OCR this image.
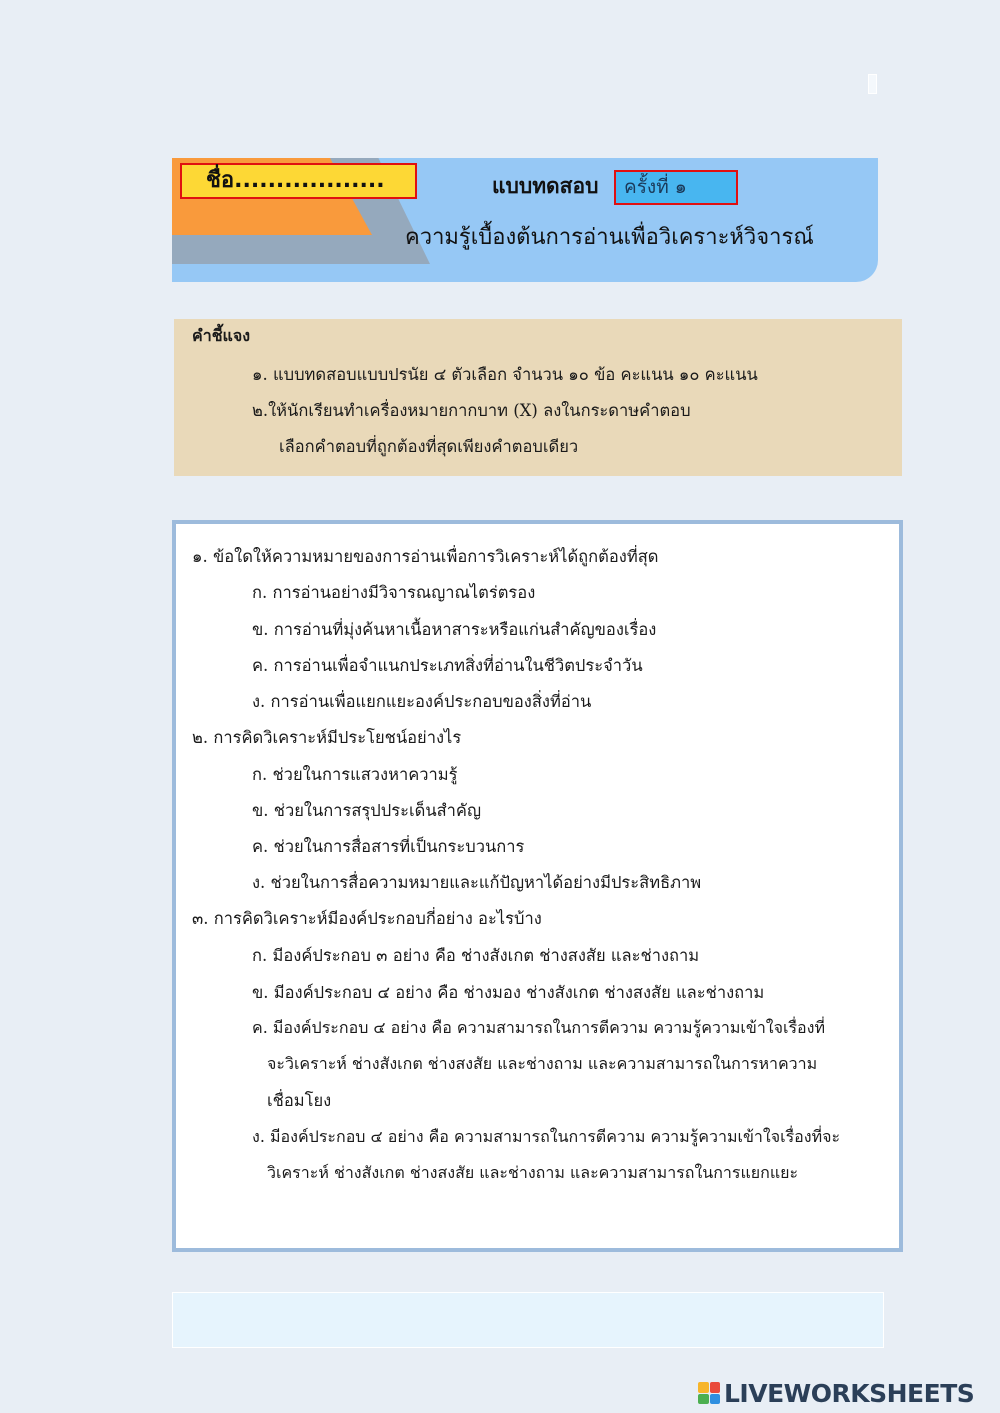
ชื่อ..................	แบบทดสอบ	ครั้งที่ ๑
ความรู้เบื้องต้นการอ่านเพื่อวิเคราะห์วิจารณ์
คำชี้แจง
๑. แบบทดสอบแบบปรนัย ๔ ตัวเลือก จำนวน ๑๐ ข้อ คะแนน ๑๐ คะแนน
๒.ให้นักเรียนทำเครื่องหมายกากบาท (X) ลงในกระดาษคำตอบ
เลือกคำตอบที่ถูกต้องที่สุดเพียงคำตอบเดียว
๑. ข้อใดให้ความหมายของการอ่านเพื่อการวิเคราะห์ได้ถูกต้องที่สุด
ก. การอ่านอย่างมีวิจารณญาณไตร่ตรอง
ข. การอ่านที่มุ่งค้นหาเนื้อหาสาระหรือแก่นสำคัญของเรื่อง
ค. การอ่านเพื่อจำแนกประเภทสิ่งที่อ่านในชีวิตประจำวัน
ง. การอ่านเพื่อแยกแยะองค์ประกอบของสิ่งที่อ่าน
๒. การคิดวิเคราะห์มีประโยชน์อย่างไร
ก. ช่วยในการแสวงหาความรู้
ข. ช่วยในการสรุปประเด็นสำคัญ
ค. ช่วยในการสื่อสารที่เป็นกระบวนการ
ง. ช่วยในการสื่อความหมายและแก้ปัญหาได้อย่างมีประสิทธิภาพ
๓. การคิดวิเคราะห์มีองค์ประกอบกี่อย่าง อะไรบ้าง
ก. มีองค์ประกอบ ๓ อย่าง คือ ช่างสังเกต ช่างสงสัย และช่างถาม
ข. มีองค์ประกอบ ๔ อย่าง คือ ช่างมอง ช่างสังเกต ช่างสงสัย และช่างถาม
ค. มีองค์ประกอบ ๔ อย่าง คือ ความสามารถในการตีความ ความรู้ความเข้าใจเรื่องที่
จะวิเคราะห์ ช่างสังเกต ช่างสงสัย และช่างถาม และความสามารถในการหาความ
เชื่อมโยง
ง. มีองค์ประกอบ ๔ อย่าง คือ ความสามารถในการตีความ ความรู้ความเข้าใจเรื่องที่จะ
วิเคราะห์ ช่างสังเกต ช่างสงสัย และช่างถาม และความสามารถในการแยกแยะ
LIVEWORKSHEETS
